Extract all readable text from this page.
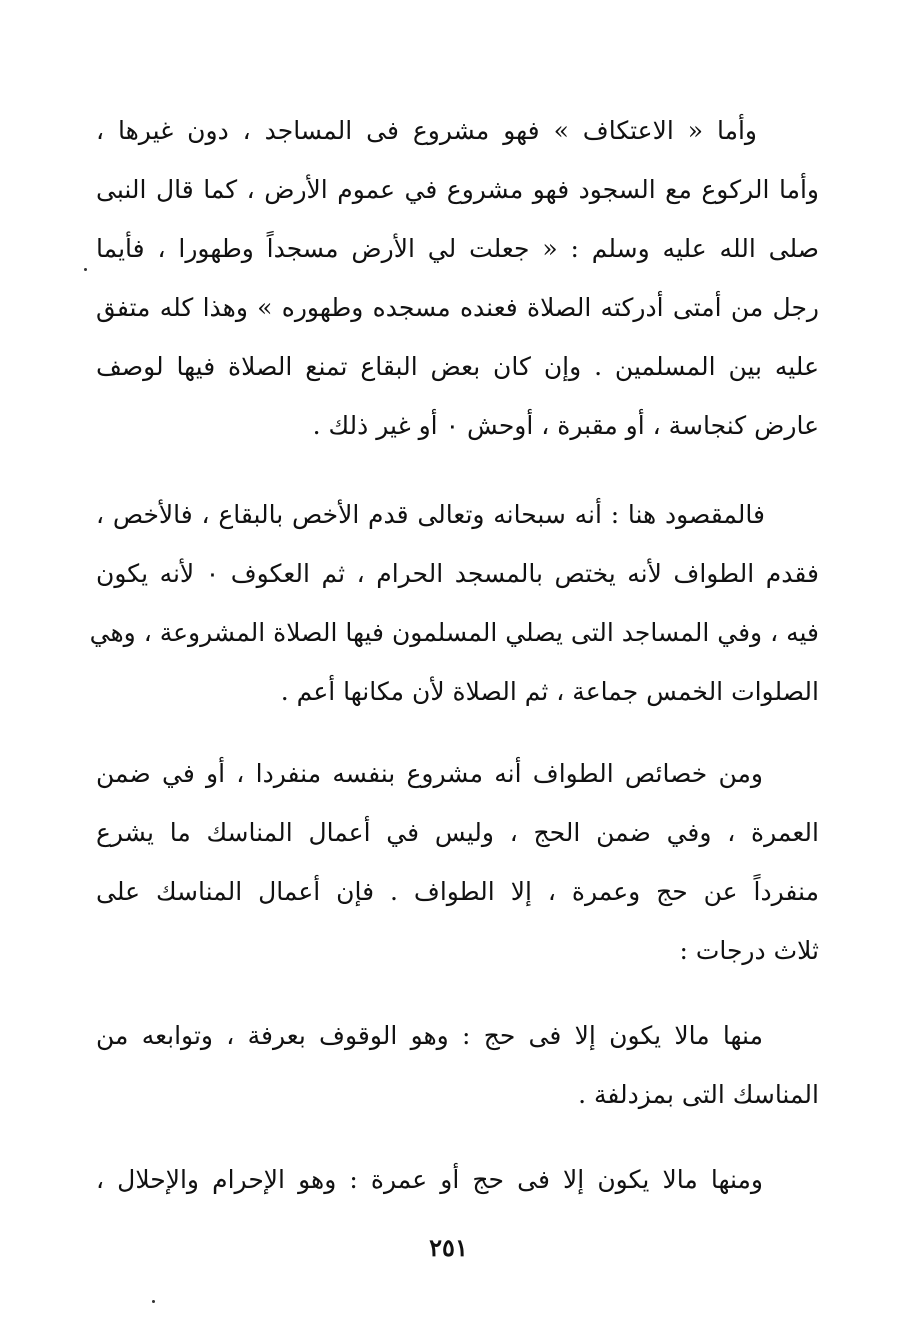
وأما « الاعتكاف » فهو مشروع فى المساجد ، دون غيرها ،
وأما الركوع مع السجود فهو مشروع في عموم الأرض ، كما قال النبى
صلى الله عليه وسلم : « جعلت لي الأرض مسجداً وطهورا ، فأيما
رجل من أمتى أدركته الصلاة فعنده مسجده وطهوره » وهذا كله متفق
عليه بين المسلمين . وإن كان بعض البقاع تمنع الصلاة فيها لوصف
عارض كنجاسة ، أو مقبرة ، أوحش ٠ أو غير ذلك .
فالمقصود هنا : أنه سبحانه وتعالى قدم الأخص بالبقاع ، فالأخص ،
فقدم الطواف لأنه يختص بالمسجد الحرام ، ثم العكوف ٠ لأنه يكون
فيه ، وفي المساجد التى يصلي المسلمون فيها الصلاة المشروعة ، وهي
الصلوات الخمس جماعة ، ثم الصلاة لأن مكانها أعم .
ومن خصائص الطواف أنه مشروع بنفسه منفردا ، أو في ضمن
العمرة ، وفي ضمن الحج ، وليس في أعمال المناسك ما يشرع
منفرداً عن حج وعمرة ، إلا الطواف . فإن أعمال المناسك على
ثلاث درجات :
منها مالا يكون إلا فى حج : وهو الوقوف بعرفة ، وتوابعه من
المناسك التى بمزدلفة .
ومنها مالا يكون إلا فى حج أو عمرة : وهو الإحرام والإحلال ،
٢٥١
